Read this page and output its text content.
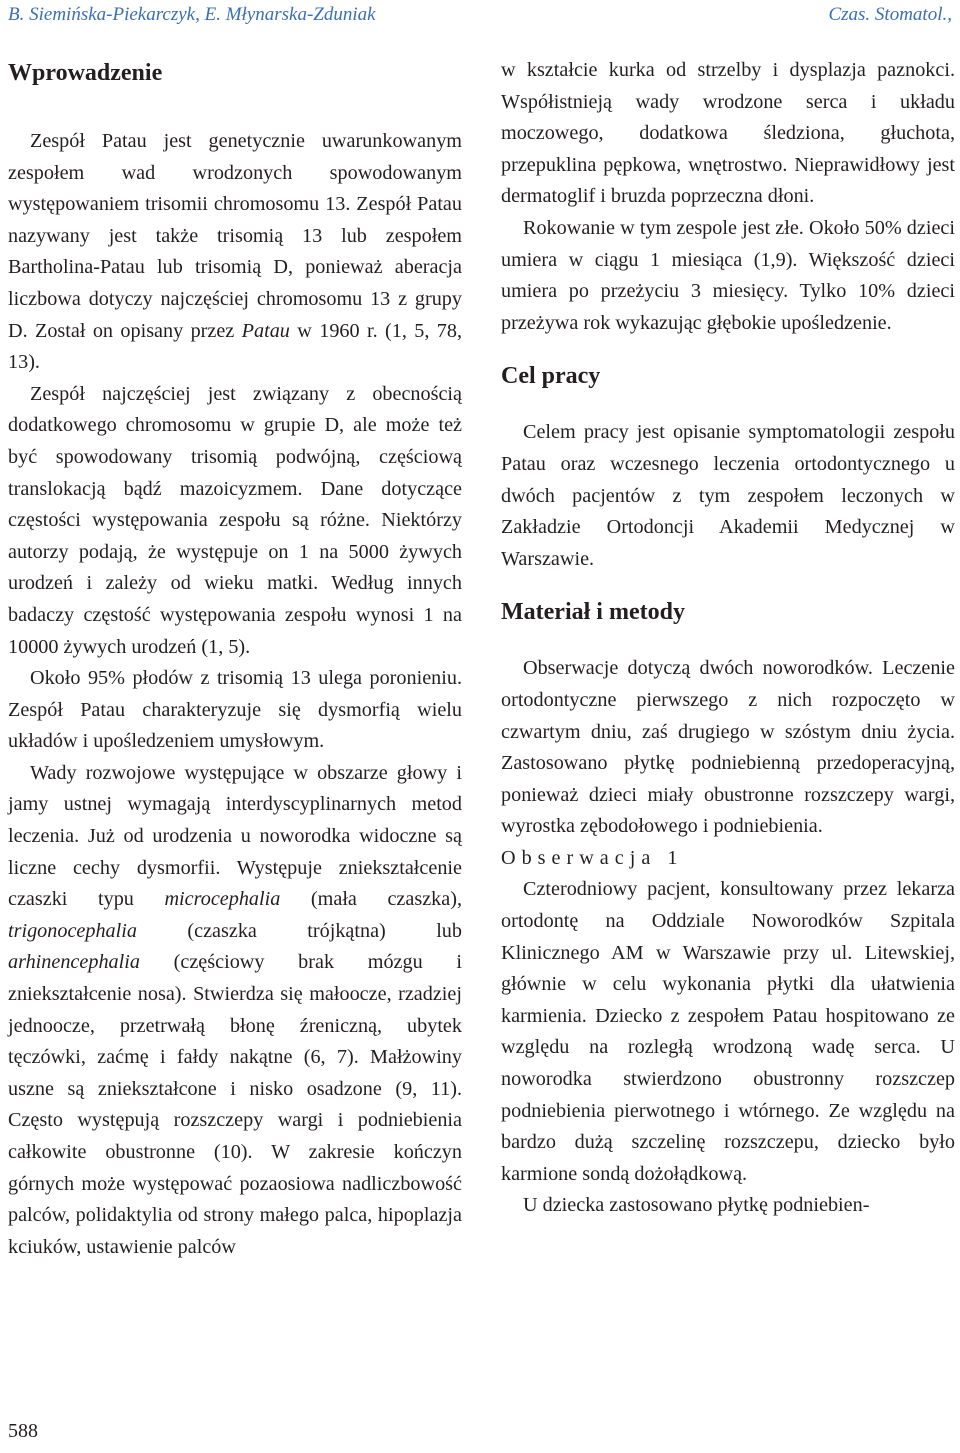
B. Siemińska-Piekarczyk, E. Młynarska-Zduniak	Czas. Stomatol.,
Wprowadzenie

Zespół Patau jest genetycznie uwarunkowanym zespołem wad wrodzonych spowodowanym występowaniem trisomii chromosomu 13. Zespół Patau nazywany jest także trisomią 13 lub zespołem Bartholina-Patau lub trisomią D, ponieważ aberacja liczbowa dotyczy najczęściej chromosomu 13 z grupy D. Został on opisany przez Patau w 1960 r. (1, 5, 78, 13).

Zespół najczęściej jest związany z obecnością dodatkowego chromosomu w grupie D, ale może też być spowodowany trisomią podwójną, częściową translokacją bądź mazoicyzmem. Dane dotyczące częstości występowania zespołu są różne. Niektórzy autorzy podają, że występuje on 1 na 5000 żywych urodzeń i zależy od wieku matki. Według innych badaczy częstość występowania zespołu wynosi 1 na 10000 żywych urodzeń (1, 5).

Około 95% płodów z trisomią 13 ulega poronieniu. Zespół Patau charakteryzuje się dysmorfią wielu układów i upośledzeniem umysłowym.

Wady rozwojowe występujące w obszarze głowy i jamy ustnej wymagają interdyscyplinarnych metod leczenia. Już od urodzenia u noworodka widoczne są liczne cechy dysmorfii. Występuje zniekształcenie czaszki typu microcephalia (mała czaszka), trigonocephalia (czaszka trójkątna) lub arhinencephalia (częściowy brak mózgu i zniekształcenie nosa). Stwierdza się małoocze, rzadziej jednoocze, przetrwałą błonę źreniczną, ubytek tęczówki, zaćmę i fałdy nakątne (6, 7). Małżowiny uszne są zniekształcone i nisko osadzone (9, 11). Często występują rozszczepy wargi i podniebienia całkowite obustronne (10). W zakresie kończyn górnych może występować pozaosiowa nadliczbowość palców, polidaktylia od strony małego palca, hipoplazja kciuków, ustawienie palców

w kształcie kurka od strzelby i dysplazja paznokci. Współistnieją wady wrodzone serca i układu moczowego, dodatkowa śledziona, głuchota, przepuklina pępkowa, wnętrostwo. Nieprawidłowy jest dermatoglif i bruzda poprzeczna dłoni.

Rokowanie w tym zespole jest złe. Około 50% dzieci umiera w ciągu 1 miesiąca (1,9). Większość dzieci umiera po przeżyciu 3 miesięcy. Tylko 10% dzieci przeżywa rok wykazując głębokie upośledzenie.

Cel pracy

Celem pracy jest opisanie symptomatologii zespołu Patau oraz wczesnego leczenia ortodontycznego u dwóch pacjentów z tym zespołem leczonych w Zakładzie Ortodoncji Akademii Medycznej w Warszawie.

Materiał i metody

Obserwacje dotyczą dwóch noworodków. Leczenie ortodontyczne pierwszego z nich rozpoczęto w czwartym dniu, zaś drugiego w szóstym dniu życia. Zastosowano płytkę podniebienną przedoperacyjną, ponieważ dzieci miały obustronne rozszczepy wargi, wyrostka zębodołowego i podniebienia.

Obserwacja 1

Czterodniowy pacjent, konsultowany przez lekarza ortodontę na Oddziale Noworodków Szpitala Klinicznego AM w Warszawie przy ul. Litewskiej, głównie w celu wykonania płytki dla ułatwienia karmienia. Dziecko z zespołem Patau hospitowano ze względu na rozległą wrodzoną wadę serca. U noworodka stwierdzono obustronny rozszczep podniebienia pierwotnego i wtórnego. Ze względu na bardzo dużą szczelinę rozszczepu, dziecko było karmione sondą dożołądkową.

U dziecka zastosowano płytkę podniebien-

588
